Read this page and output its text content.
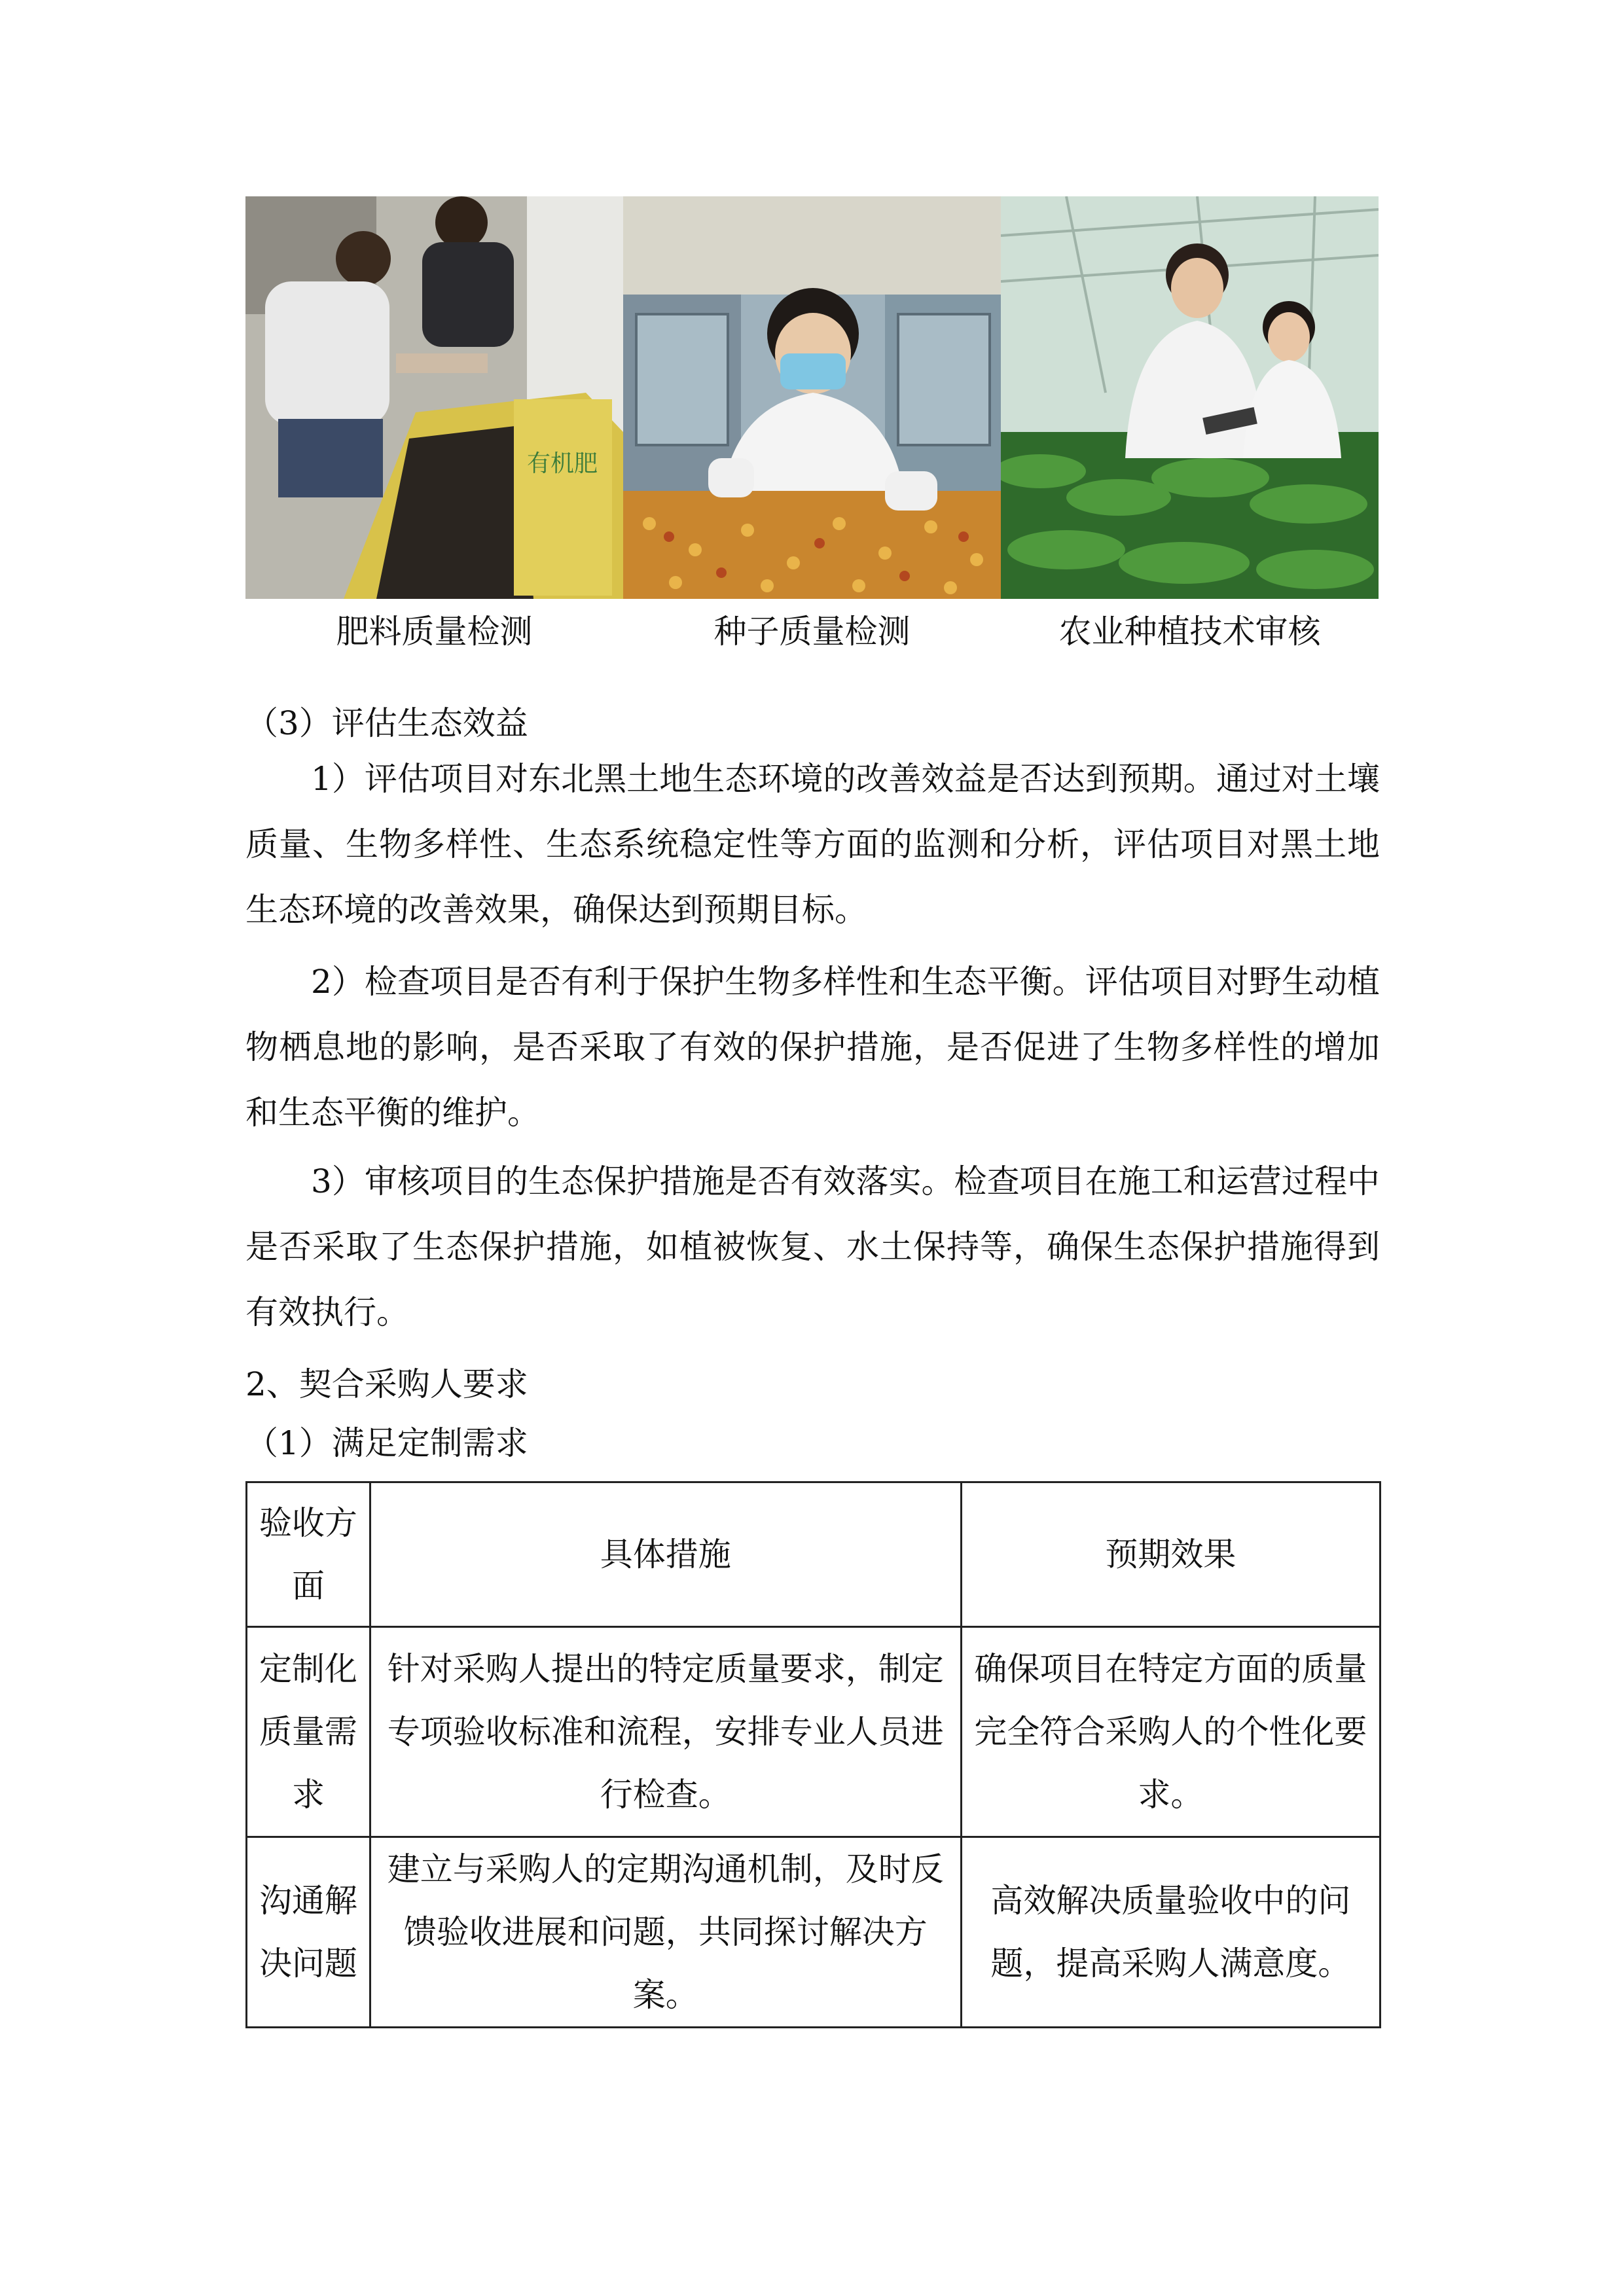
有机肥
肥料质量检测	种子质量检测	农业种植技术审核
（3）评估生态效益
1）评估项目对东北黑土地生态环境的改善效益是否达到预期。通过对土壤质量、生物多样性、生态系统稳定性等方面的监测和分析，评估项目对黑土地生态环境的改善效果，确保达到预期目标。
2）检查项目是否有利于保护生物多样性和生态平衡。评估项目对野生动植物栖息地的影响，是否采取了有效的保护措施，是否促进了生物多样性的增加和生态平衡的维护。
3）审核项目的生态保护措施是否有效落实。检查项目在施工和运营过程中是否采取了生态保护措施，如植被恢复、水土保持等，确保生态保护措施得到有效执行。
2、契合采购人要求
（1）满足定制需求
验收方面	具体措施	预期效果
定制化质量需求	针对采购人提出的特定质量要求，制定专项验收标准和流程，安排专业人员进行检查。	确保项目在特定方面的质量完全符合采购人的个性化要求。
沟通解决问题	建立与采购人的定期沟通机制，及时反馈验收进展和问题，共同探讨解决方案。	高效解决质量验收中的问题，提高采购人满意度。
